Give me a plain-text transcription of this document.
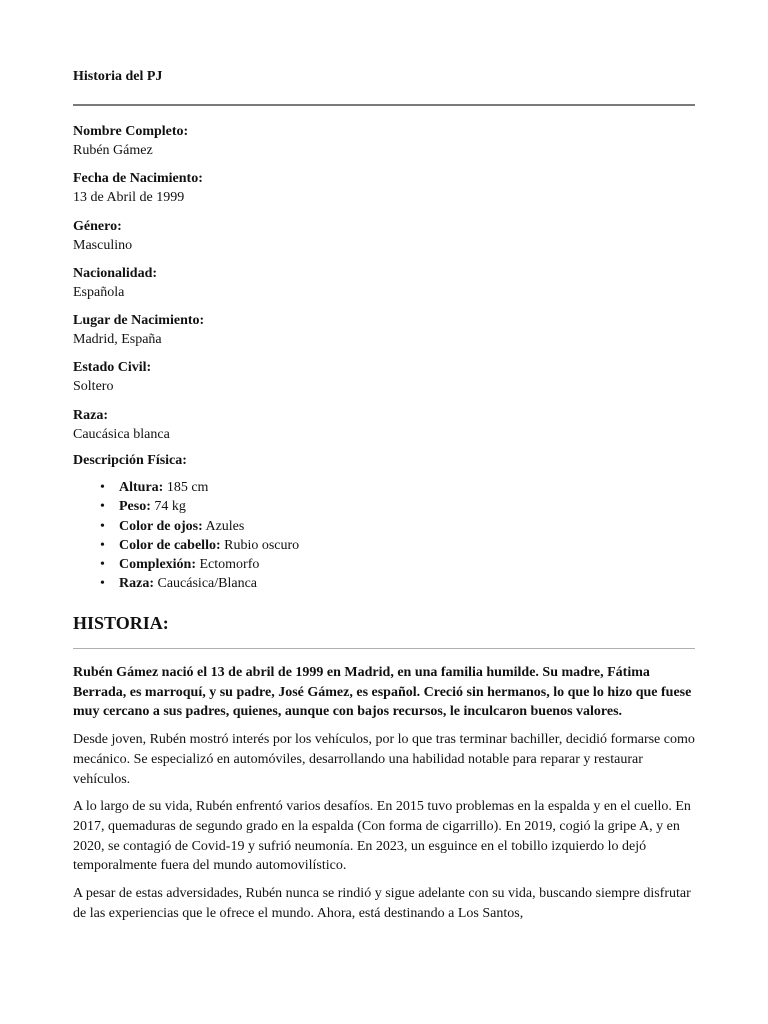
Historia del PJ

Nombre Completo:

Rubén Gámez

Fecha de Nacimiento:

13 de Abril de 1999

Género:

Masculino

Nacionalidad:

Española

Lugar de Nacimiento:

Madrid, España

Estado Civil:

Soltero

Raza:

Caucásica blanca

Descripción Física:

• Altura: 185 cm
• Peso: 74 kg
• Color de ojos: Azules
• Color de cabello: Rubio oscuro
• Complexión: Ectomorfo
• Raza: Caucásica/Blanca
HISTORIA:

Rubén Gámez nació el 13 de abril de 1999 en Madrid, en una familia humilde. Su madre, Fátima Berrada, es marroquí, y su padre, José Gámez, es español. Creció sin hermanos, lo que lo hizo que fuese muy cercano a sus padres, quienes, aunque con bajos recursos, le inculcaron buenos valores.

Desde joven, Rubén mostró interés por los vehículos, por lo que tras terminar bachiller, decidió formarse como mecánico. Se especializó en automóviles, desarrollando una habilidad notable para reparar y restaurar vehículos.

A lo largo de su vida, Rubén enfrentó varios desafíos. En 2015 tuvo problemas en la espalda y en el cuello. En 2017, quemaduras de segundo grado en la espalda (Con forma de cigarrillo). En 2019, cogió la gripe A, y en 2020, se contagió de Covid-19 y sufrió neumonía. En 2023, un esguince en el tobillo izquierdo lo dejó temporalmente fuera del mundo automovilístico.

A pesar de estas adversidades, Rubén nunca se rindió y sigue adelante con su vida, buscando siempre disfrutar de las experiencias que le ofrece el mundo. Ahora, está destinando a Los Santos,
